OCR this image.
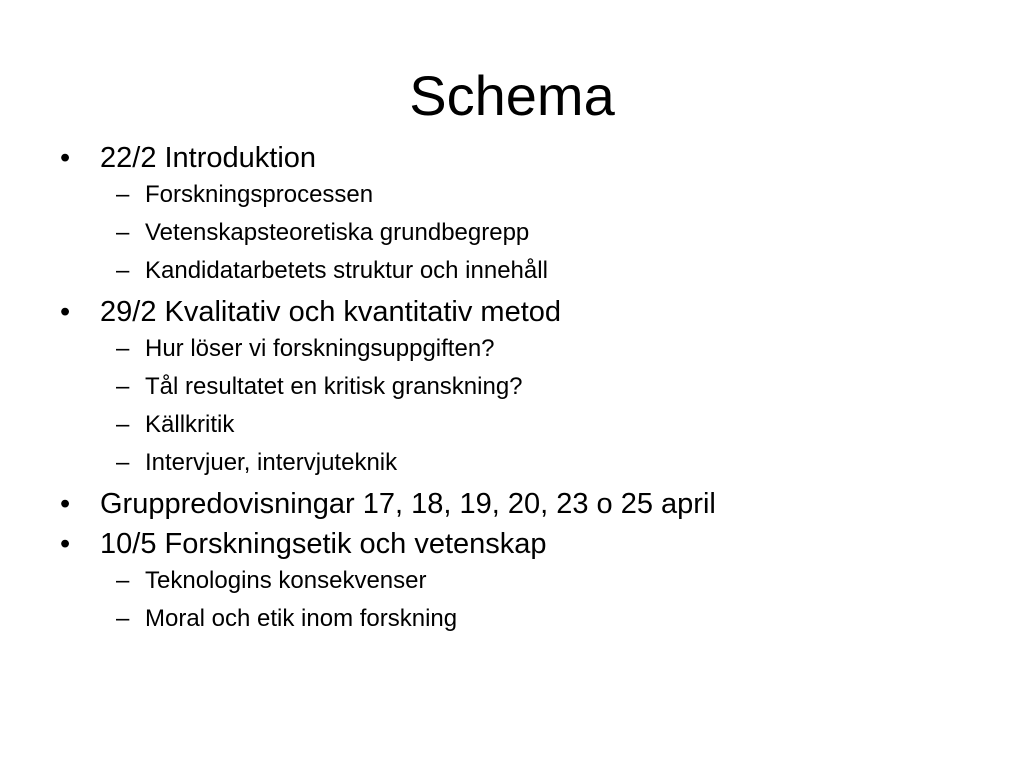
Schema
• 22/2 Introduktion
– Forskningsprocessen
– Vetenskapsteoretiska grundbegrepp
– Kandidatarbetets struktur och innehåll
• 29/2 Kvalitativ och kvantitativ metod
– Hur löser vi forskningsuppgiften?
– Tål resultatet en kritisk granskning?
– Källkritik
– Intervjuer, intervjuteknik
• Gruppredovisningar 17, 18, 19, 20, 23 o 25 april
• 10/5 Forskningsetik och vetenskap
– Teknologins konsekvenser
– Moral och etik inom forskning
